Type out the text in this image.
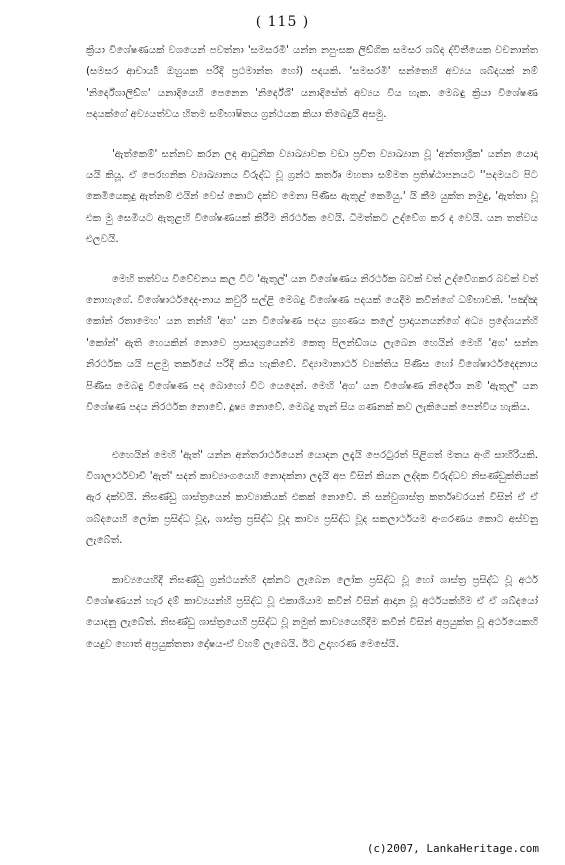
( 115 )

ක්‍රියා විශේෂණයක් වශයෙන් පවත්නා 'සමසරමි' යන්න නපුංසක ලිඞ්ගික සමසර ශබ්ද ද්විතීයෙක වචනාන්ත (සමසර ආචාර්‍ය්‍ය ඔහුයක පරිදි ප්‍රථමාන්ත හෝ) පදයකි. 'සමසරමි' සන්තෙහි අව්‍යය ශබ්දයක් නම් 'නිර්දේශාලිඞ්ග' යනාදියෙහි පෙනෙන 'නිර්දේශි' යනාදිසේත් අව්‍යය විය හැක. මෙබඳු ක්‍රියා විශේෂණ පදයක්ගේ අව්‍යයත්වය හිතම සම්භාෂිතය ග්‍රන්ථයක කියා තිබෙදුයි අසමු.

'ඇත්කෙම්' සන්නව කරන ලද ආධුනික ව්‍යාඛ්‍යාවක වඩා ප්‍රචිත ව්‍යාඛ්‍යාන වූ 'අන්තාශ්‍රීක' යන්න යොදා යයි කියූ. ඒ පෙරහනික ව්‍යාඛ්‍යානය විරුද්ධ වූ ග්‍රන්ථ කර්තෘ මහතා සම්මත ප්‍රතිෂ්ඨාපනයට ''පදමයට පිට කෙමියෙකුදු ඇත්නම් එයින් වෙස් කොට දක්ව මෙනා පිණිස ඇතුළ් කෙමියු.' යි කීම යුක්ත නමුදු, 'ඇත්තා වූ එක මු සෙමියට ඇතුළහි විශේෂණයක් කිරීම නිරර්ථක වෙයි. ධිමත්කට උද්වේග කර ද වෙයි. යන තත්වය එලවයි.

මෙහි තත්වය විවේචනය කල විට 'ඇතුල්' යන විශේෂණය නිරර්ථක බවක් වත් උද්වේගකර බවක් වත් නොහැගේ. විශේෂාර්ථදෙද-නාය කවුරි සල්ළි මෙබදු විශේෂණ පදයක් යෙදීම කවීන්ගේ ධම්භාවකි. 'පඤ්ඤ කෝන් රතාමෙහ' යන තන්හි 'අග' යන විශේෂණ පදය ග්‍රහණය කලේ ප්‍රාදායනයන්ගේ අධ්‍ය ප්‍රදේශයන්හි 'කෝන්' ඇති හෙයකින් නොවෙ ප්‍රාසාදග්‍රයෙන්ම කෙතු පිලන්ඩ්ශය ලැබෙන හෙයින් මෙහි 'අග' සන්න නිරර්ථක යයි පළමු තර්කයේ පරිදි කිය හැකිවේ. විද්‍යාමානාර්ථ ව්‍යක්තිය පිණිස හෝ විශේෂාර්ථදෙදනාය පිණිස මෙබඳු විශේෂණ පද බොහෝ විට යෙදෙන්. මෙහි 'අග' යන විශේෂණ නිර්දේශ නම් 'ඇතුල්' යන විශේෂණ පදය නිරර්ථක නොවේ. දූෂ්‍ය නොවේ. මෙබදු තැන් සිය ගණනක් කව ලැකියෙක් පෙන්විය හැකිය.

එහෙයින් මෙහි 'ඇත්' යන්න අන්තරාර්ථයෙන් යොදන ලදැයි පෙරටුරත් පිළිගත් මතය අංගි සාහිරියකි. විශාලාර්ථවාචී 'ඇත්' සදන් කාව්‍යාංගයෙහි නොදක්නා ලදැයි අප විසින් කියන ලද්දක විරුද්ධව නිසණ්ඩුක්තියක් ඇර දක්වයි. නිඝණ්ඩු ශාස්ත්‍රයෙන් කාව්‍යාකියක් එකක් නොවේ. නි සන්වුශාස්ත්‍ර කර්තෘවරයන් විසින් ඒ ඒ ශබ්දයෙහි ලෝක ප්‍රසිද්ධ වූද, ශාස්ත්‍ර ප්‍රසිද්ධ වූද කාව්‍ය ප්‍රසිද්ධ වූද සකලාර්ථයම අංගරණය කොට අස්වනු ලැබේත්.

කාව්‍යයෙහිදී නිඝණ්ඩු ග්‍රන්ථයන්හි දක්නට ලැබෙන ලෝක ප්‍රසිද්ධ වූ හෝ ශාස්ත්‍ර ප්‍රසිද්ධ වූ අර්ථ විශේෂණයන් හැර දම් කාව්‍යයන්හි ප්‍රසිද්ධ වූ එකාශියාම කවීන් විසින් ආදාන වූ අර්ථයක්හිම ඒ ඒ ශබ්දයෝ යොදනු ලැබේත්. නිඝණ්ඩු ශාස්ත්‍රයෙහි ප්‍රසිද්ධ වූ නමුත් කාව්‍යයෙහිදීම කවීන් විසින් අප්‍රයුක්ත වූ අර්ථයෙකහි යෙදුව හොත් අප්‍රයුක්තතා දෝෂය-ඒ වහම් ලැබෙයි. ඊට උදාහරණ මෙසේයි.

(c)2007, LankaHeritage.com
